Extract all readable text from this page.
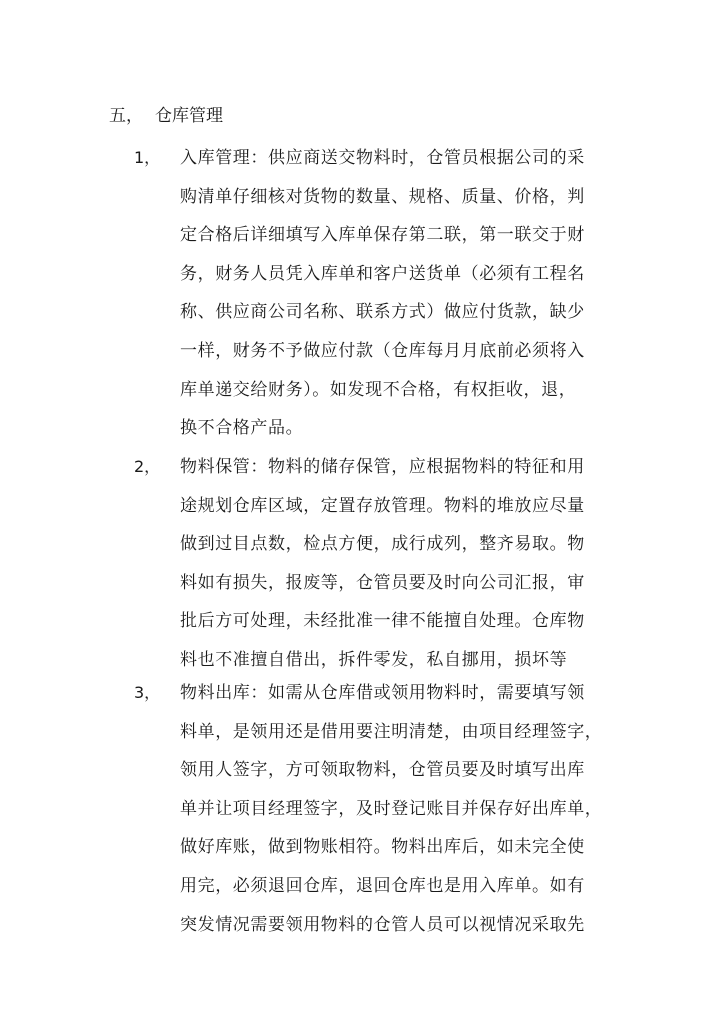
五， 仓库管理
1， 入库管理：供应商送交物料时，仓管员根据公司的采
购清单仔细核对货物的数量、规格、质量、价格，判
定合格后详细填写入库单保存第二联，第一联交于财
务，财务人员凭入库单和客户送货单（必须有工程名
称、供应商公司名称、联系方式）做应付货款，缺少
一样，财务不予做应付款（仓库每月月底前必须将入
库单递交给财务）。如发现不合格，有权拒收，退，
换不合格产品。
2， 物料保管：物料的储存保管，应根据物料的特征和用
途规划仓库区域，定置存放管理。物料的堆放应尽量
做到过目点数，检点方便，成行成列，整齐易取。物
料如有损失，报废等，仓管员要及时向公司汇报，审
批后方可处理，未经批准一律不能擅自处理。仓库物
料也不准擅自借出，拆件零发，私自挪用，损坏等
3， 物料出库：如需从仓库借或领用物料时，需要填写领
料单，是领用还是借用要注明清楚，由项目经理签字，
领用人签字，方可领取物料，仓管员要及时填写出库
单并让项目经理签字，及时登记账目并保存好出库单，
做好库账，做到物账相符。物料出库后，如未完全使
用完，必须退回仓库，退回仓库也是用入库单。如有
突发情况需要领用物料的仓管人员可以视情况采取先
